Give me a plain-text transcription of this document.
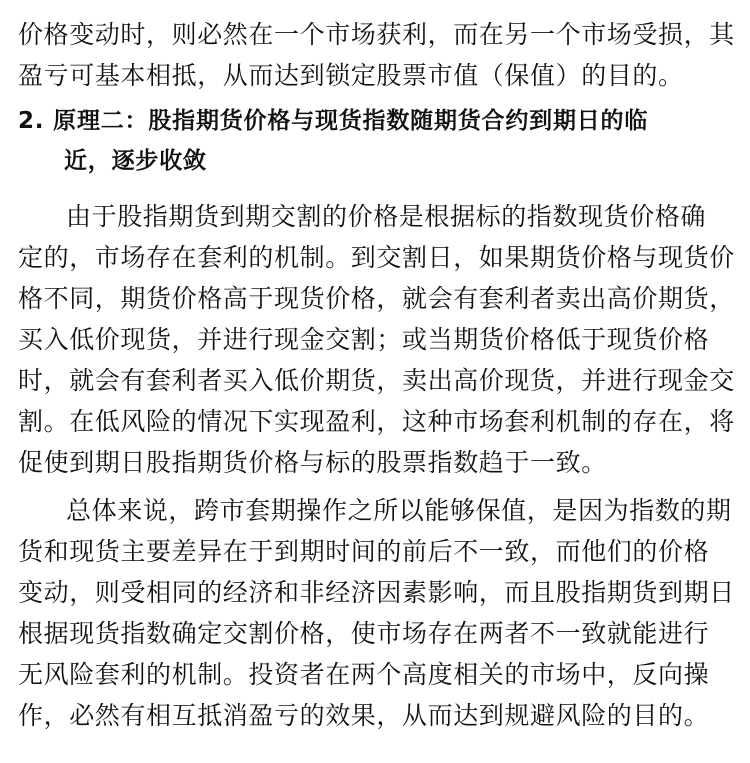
价格变动时，则必然在一个市场获利，而在另一个市场受损，其
盈亏可基本相抵，从而达到锁定股票市值（保值）的目的。
2. 原理二：股指期货价格与现货指数随期货合约到期日的临
近，逐步收敛
由于股指期货到期交割的价格是根据标的指数现货价格确
定的，市场存在套利的机制。到交割日，如果期货价格与现货价
格不同，期货价格高于现货价格，就会有套利者卖出高价期货，
买入低价现货，并进行现金交割；或当期货价格低于现货价格
时，就会有套利者买入低价期货，卖出高价现货，并进行现金交
割。在低风险的情况下实现盈利，这种市场套利机制的存在，将
促使到期日股指期货价格与标的股票指数趋于一致。
总体来说，跨市套期操作之所以能够保值，是因为指数的期
货和现货主要差异在于到期时间的前后不一致，而他们的价格
变动，则受相同的经济和非经济因素影响，而且股指期货到期日
根据现货指数确定交割价格，使市场存在两者不一致就能进行
无风险套利的机制。投资者在两个高度相关的市场中，反向操
作，必然有相互抵消盈亏的效果，从而达到规避风险的目的。
